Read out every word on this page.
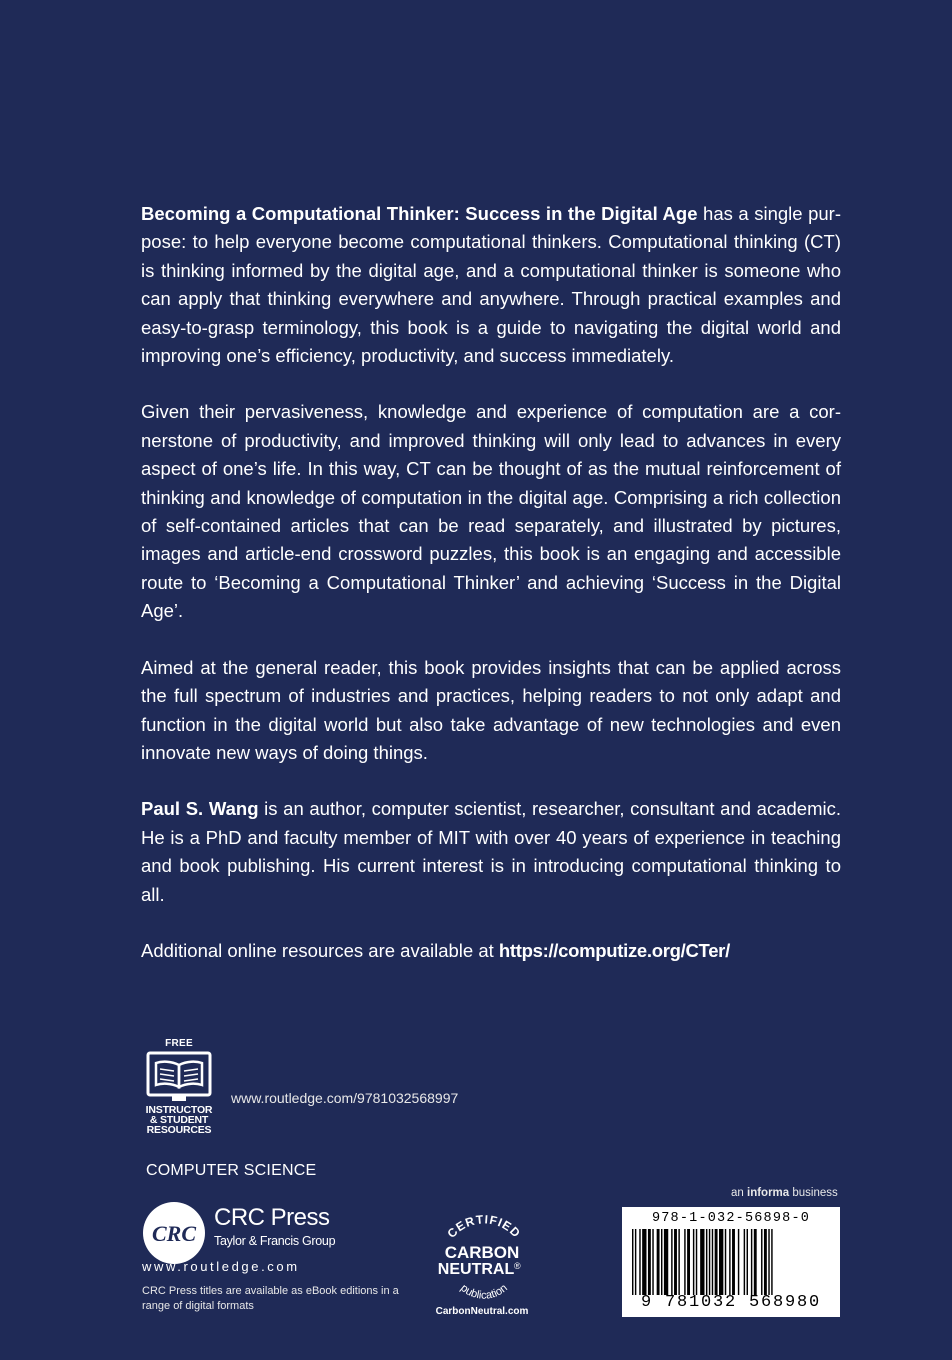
Becoming a Computational Thinker: Success in the Digital Age has a single purpose: to help everyone become computational thinkers. Computational thinking (CT) is thinking informed by the digital age, and a computational thinker is someone who can apply that thinking everywhere and anywhere. Through practical examples and easy-to-grasp terminology, this book is a guide to navigating the digital world and improving one’s efficiency, productivity, and success immediately.

Given their pervasiveness, knowledge and experience of computation are a cornerstone of productivity, and improved thinking will only lead to advances in every aspect of one’s life. In this way, CT can be thought of as the mutual reinforcement of thinking and knowledge of computation in the digital age. Comprising a rich collection of self-contained articles that can be read separately, and illustrated by pictures, images and article-end crossword puzzles, this book is an engaging and accessible route to ‘Becoming a Computational Thinker’ and achieving ‘Success in the Digital Age’.

Aimed at the general reader, this book provides insights that can be applied across the full spectrum of industries and practices, helping readers to not only adapt and function in the digital world but also take advantage of new technologies and even innovate new ways of doing things.

Paul S. Wang is an author, computer scientist, researcher, consultant and academic. He is a PhD and faculty member of MIT with over 40 years of experience in teaching and book publishing. His current interest is in introducing computational thinking to all.

Additional online resources are available at https://computize.org/CTer/

FREE
INSTRUCTOR
& STUDENT
RESOURCES
www.routledge.com/9781032568997
COMPUTER SCIENCE
CRC
CRC Press
Taylor & Francis Group
www.routledge.com
CRC Press titles are available as eBook editions in a range of digital formats
CERTIFIED
CARBON
NEUTRAL ®
publication
CarbonNeutral.com
an informa business
978-1-032-56898-0
9 781032 568980
